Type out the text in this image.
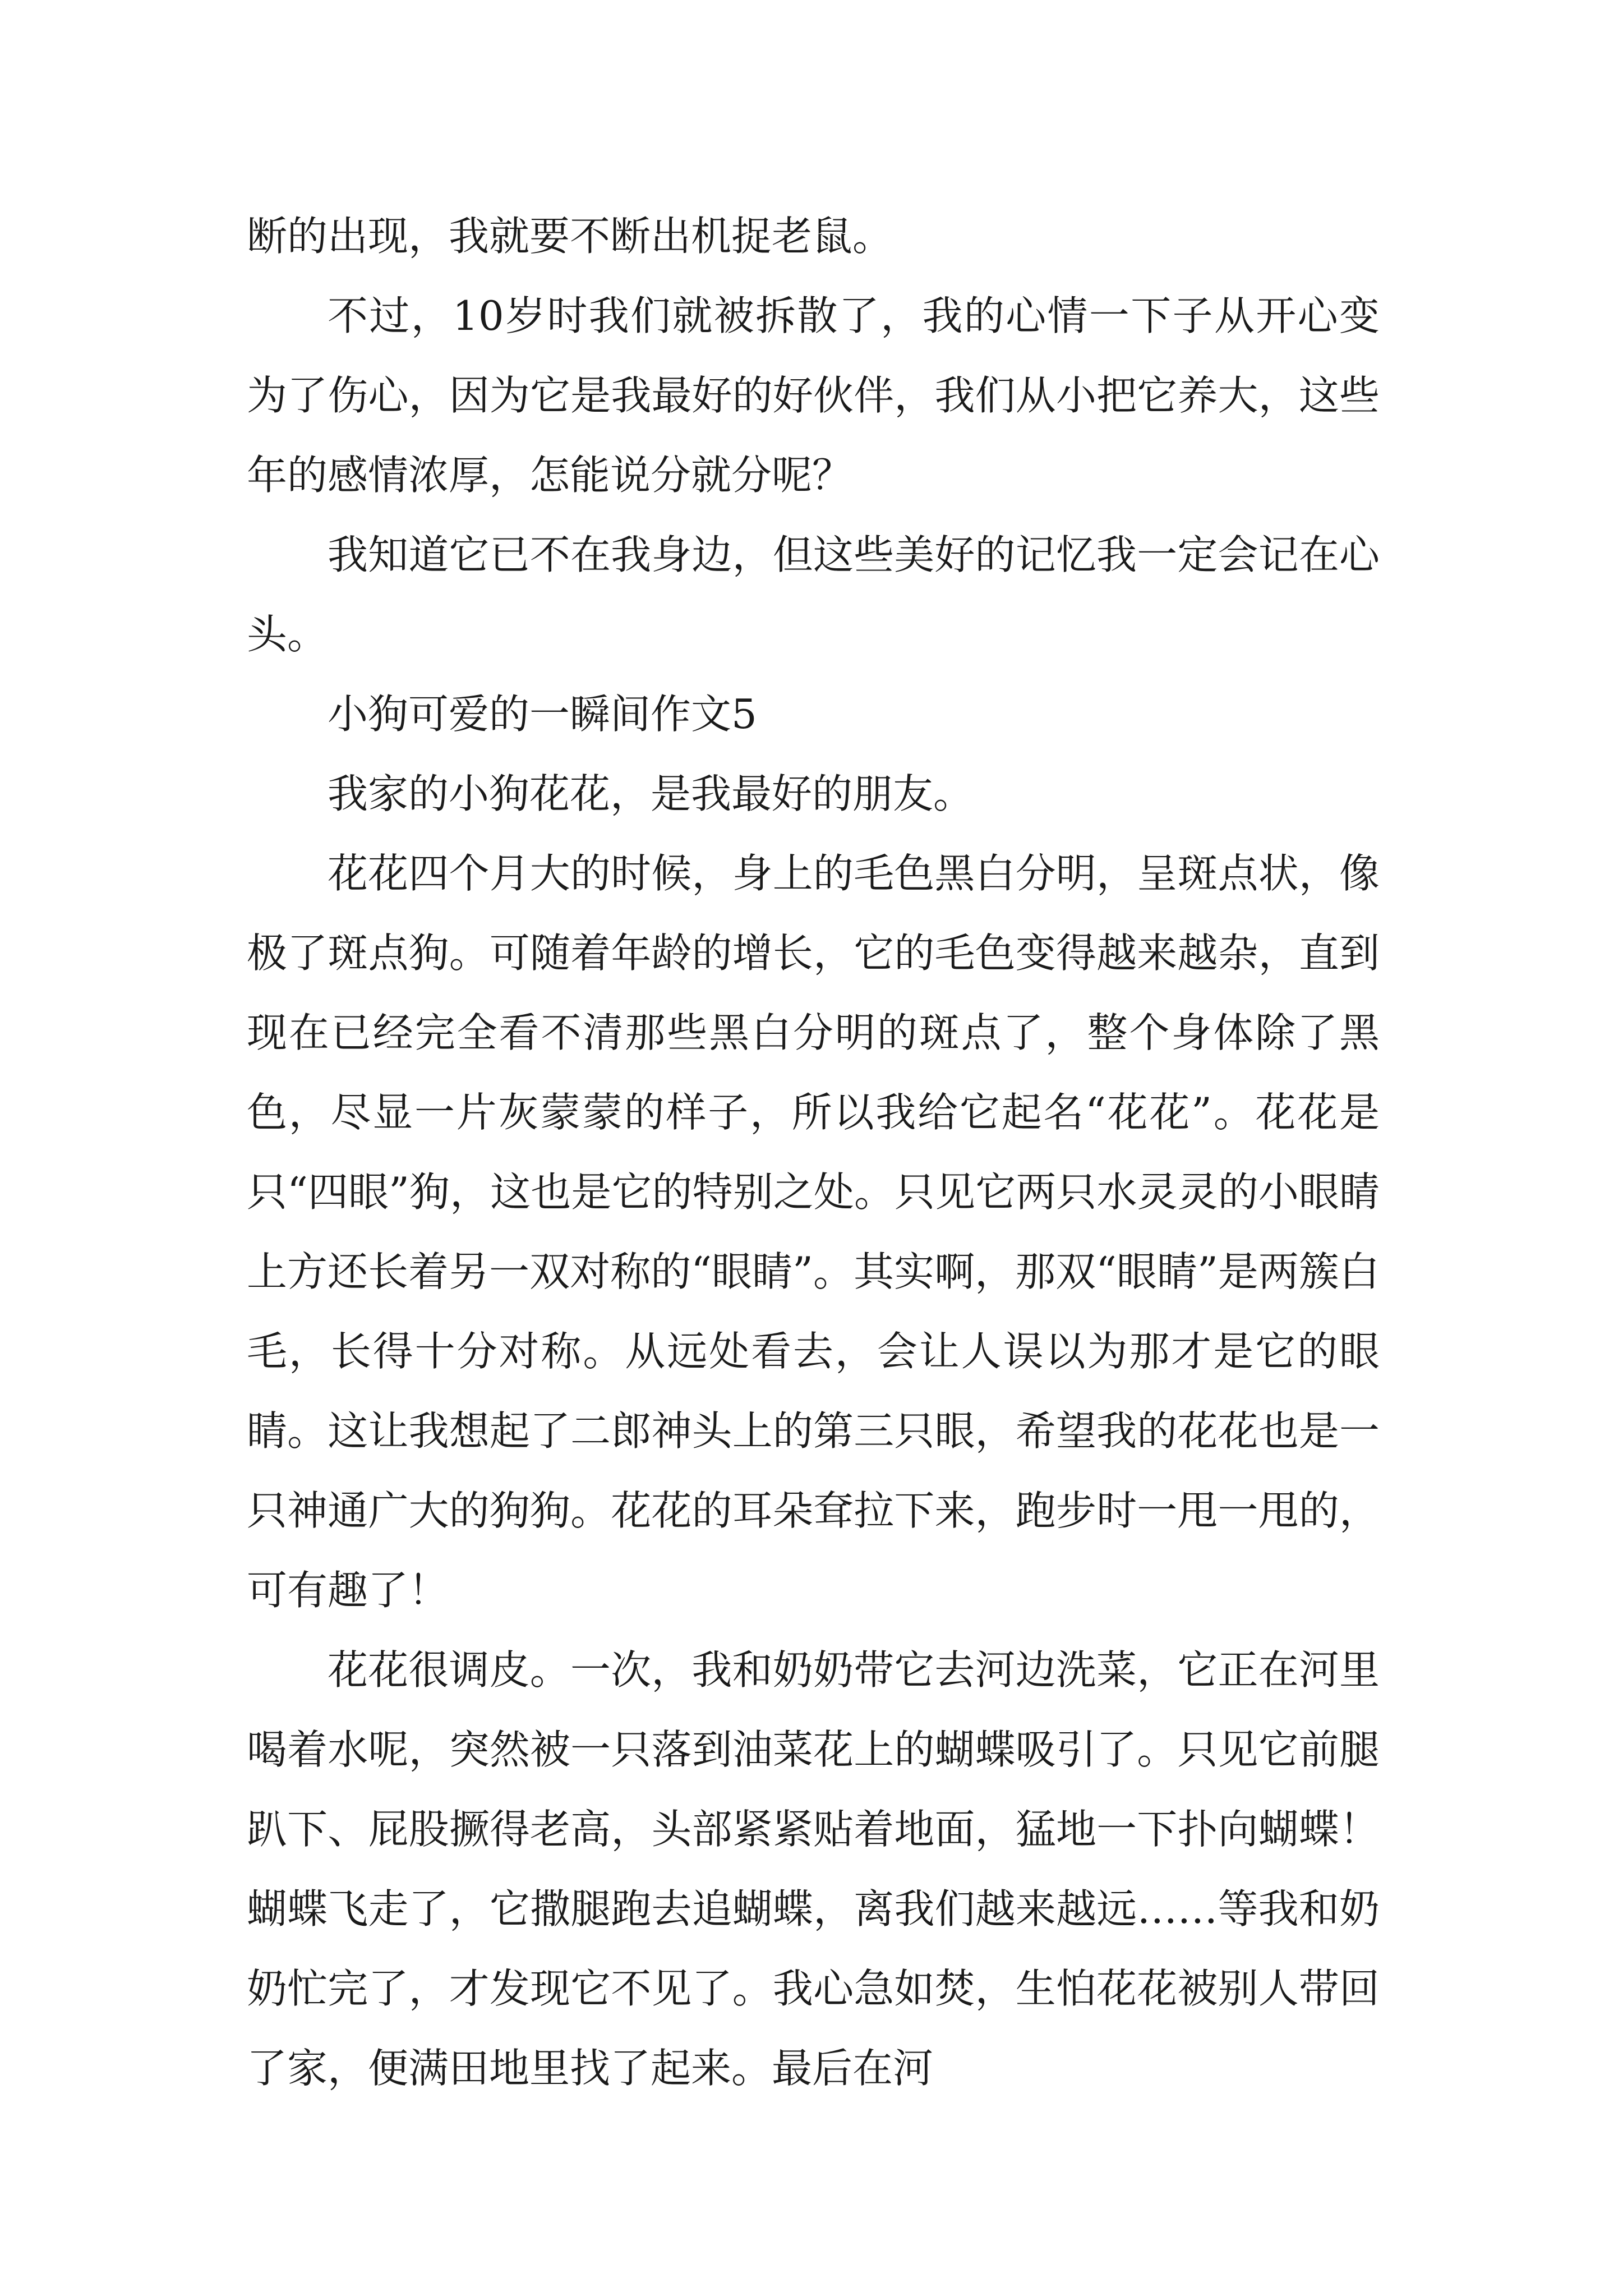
断的出现，我就要不断出机捉老鼠。

不过，10岁时我们就被拆散了，我的心情一下子从开心变为了伤心，因为它是我最好的好伙伴，我们从小把它养大，这些年的感情浓厚，怎能说分就分呢？

我知道它已不在我身边，但这些美好的记忆我一定会记在心头。

小狗可爱的一瞬间作文5

我家的小狗花花，是我最好的朋友。

花花四个月大的时候，身上的毛色黑白分明，呈斑点状，像极了斑点狗。可随着年龄的增长，它的毛色变得越来越杂，直到现在已经完全看不清那些黑白分明的斑点了，整个身体除了黑色，尽显一片灰蒙蒙的样子，所以我给它起名“花花”。花花是只“四眼”狗，这也是它的特别之处。只见它两只水灵灵的小眼睛上方还长着另一双对称的“眼睛”。其实啊，那双“眼睛”是两簇白毛，长得十分对称。从远处看去，会让人误以为那才是它的眼睛。这让我想起了二郎神头上的第三只眼，希望我的花花也是一只神通广大的狗狗。花花的耳朵耷拉下来，跑步时一甩一甩的，可有趣了！

花花很调皮。一次，我和奶奶带它去河边洗菜，它正在河里喝着水呢，突然被一只落到油菜花上的蝴蝶吸引了。只见它前腿趴下、屁股撅得老高，头部紧紧贴着地面，猛地一下扑向蝴蝶！蝴蝶飞走了，它撒腿跑去追蝴蝶，离我们越来越远……等我和奶奶忙完了，才发现它不见了。我心急如焚，生怕花花被别人带回了家，便满田地里找了起来。最后在河
